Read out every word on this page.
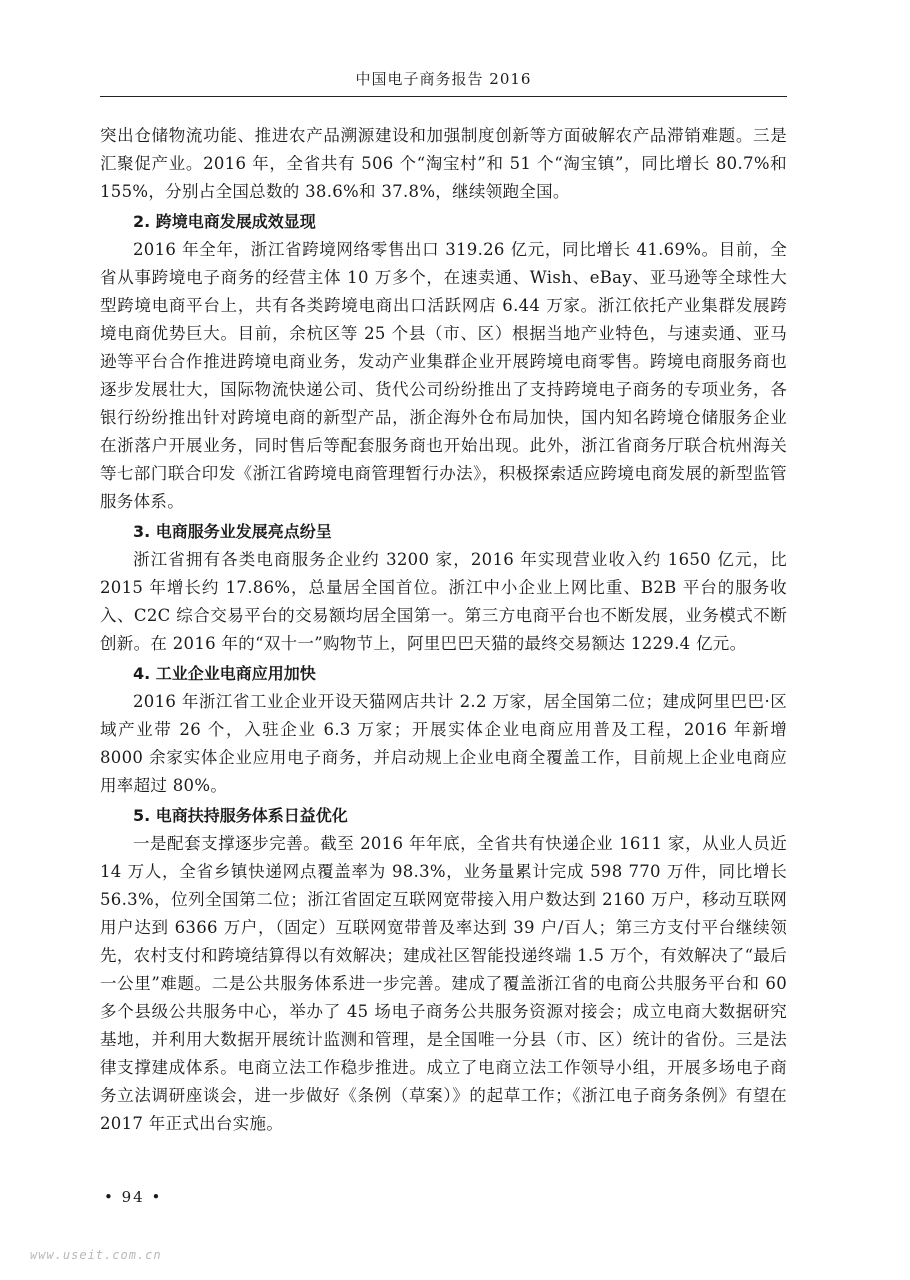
中国电子商务报告 2016

突出仓储物流功能、推进农产品溯源建设和加强制度创新等方面破解农产品滞销难题。三是汇聚促产业。2016 年，全省共有 506 个“淘宝村”和 51 个“淘宝镇”，同比增长 80.7%和 155%，分别占全国总数的 38.6%和 37.8%，继续领跑全国。

2. 跨境电商发展成效显现

2016 年全年，浙江省跨境网络零售出口 319.26 亿元，同比增长 41.69%。目前，全省从事跨境电子商务的经营主体 10 万多个，在速卖通、Wish、eBay、亚马逊等全球性大型跨境电商平台上，共有各类跨境电商出口活跃网店 6.44 万家。浙江依托产业集群发展跨境电商优势巨大。目前，余杭区等 25 个县（市、区）根据当地产业特色，与速卖通、亚马逊等平台合作推进跨境电商业务，发动产业集群企业开展跨境电商零售。跨境电商服务商也逐步发展壮大，国际物流快递公司、货代公司纷纷推出了支持跨境电子商务的专项业务，各银行纷纷推出针对跨境电商的新型产品，浙企海外仓布局加快，国内知名跨境仓储服务企业在浙落户开展业务，同时售后等配套服务商也开始出现。此外，浙江省商务厅联合杭州海关等七部门联合印发《浙江省跨境电商管理暂行办法》，积极探索适应跨境电商发展的新型监管服务体系。

3. 电商服务业发展亮点纷呈

浙江省拥有各类电商服务企业约 3200 家，2016 年实现营业收入约 1650 亿元，比 2015 年增长约 17.86%，总量居全国首位。浙江中小企业上网比重、B2B 平台的服务收入、C2C 综合交易平台的交易额均居全国第一。第三方电商平台也不断发展，业务模式不断创新。在 2016 年的“双十一”购物节上，阿里巴巴天猫的最终交易额达 1229.4 亿元。

4. 工业企业电商应用加快

2016 年浙江省工业企业开设天猫网店共计 2.2 万家，居全国第二位；建成阿里巴巴·区域产业带 26 个，入驻企业 6.3 万家；开展实体企业电商应用普及工程，2016 年新增 8000 余家实体企业应用电子商务，并启动规上企业电商全覆盖工作，目前规上企业电商应用率超过 80%。

5. 电商扶持服务体系日益优化

一是配套支撑逐步完善。截至 2016 年年底，全省共有快递企业 1611 家，从业人员近 14 万人，全省乡镇快递网点覆盖率为 98.3%，业务量累计完成 598 770 万件，同比增长 56.3%，位列全国第二位；浙江省固定互联网宽带接入用户数达到 2160 万户，移动互联网用户达到 6366 万户，（固定）互联网宽带普及率达到 39 户/百人；第三方支付平台继续领先，农村支付和跨境结算得以有效解决；建成社区智能投递终端 1.5 万个，有效解决了“最后一公里”难题。二是公共服务体系进一步完善。建成了覆盖浙江省的电商公共服务平台和 60 多个县级公共服务中心，举办了 45 场电子商务公共服务资源对接会；成立电商大数据研究基地，并利用大数据开展统计监测和管理，是全国唯一分县（市、区）统计的省份。三是法律支撑建成体系。电商立法工作稳步推进。成立了电商立法工作领导小组，开展多场电子商务立法调研座谈会，进一步做好《条例（草案）》的起草工作；《浙江电子商务条例》有望在 2017 年正式出台实施。

• 94 •
www.useit.com.cn
